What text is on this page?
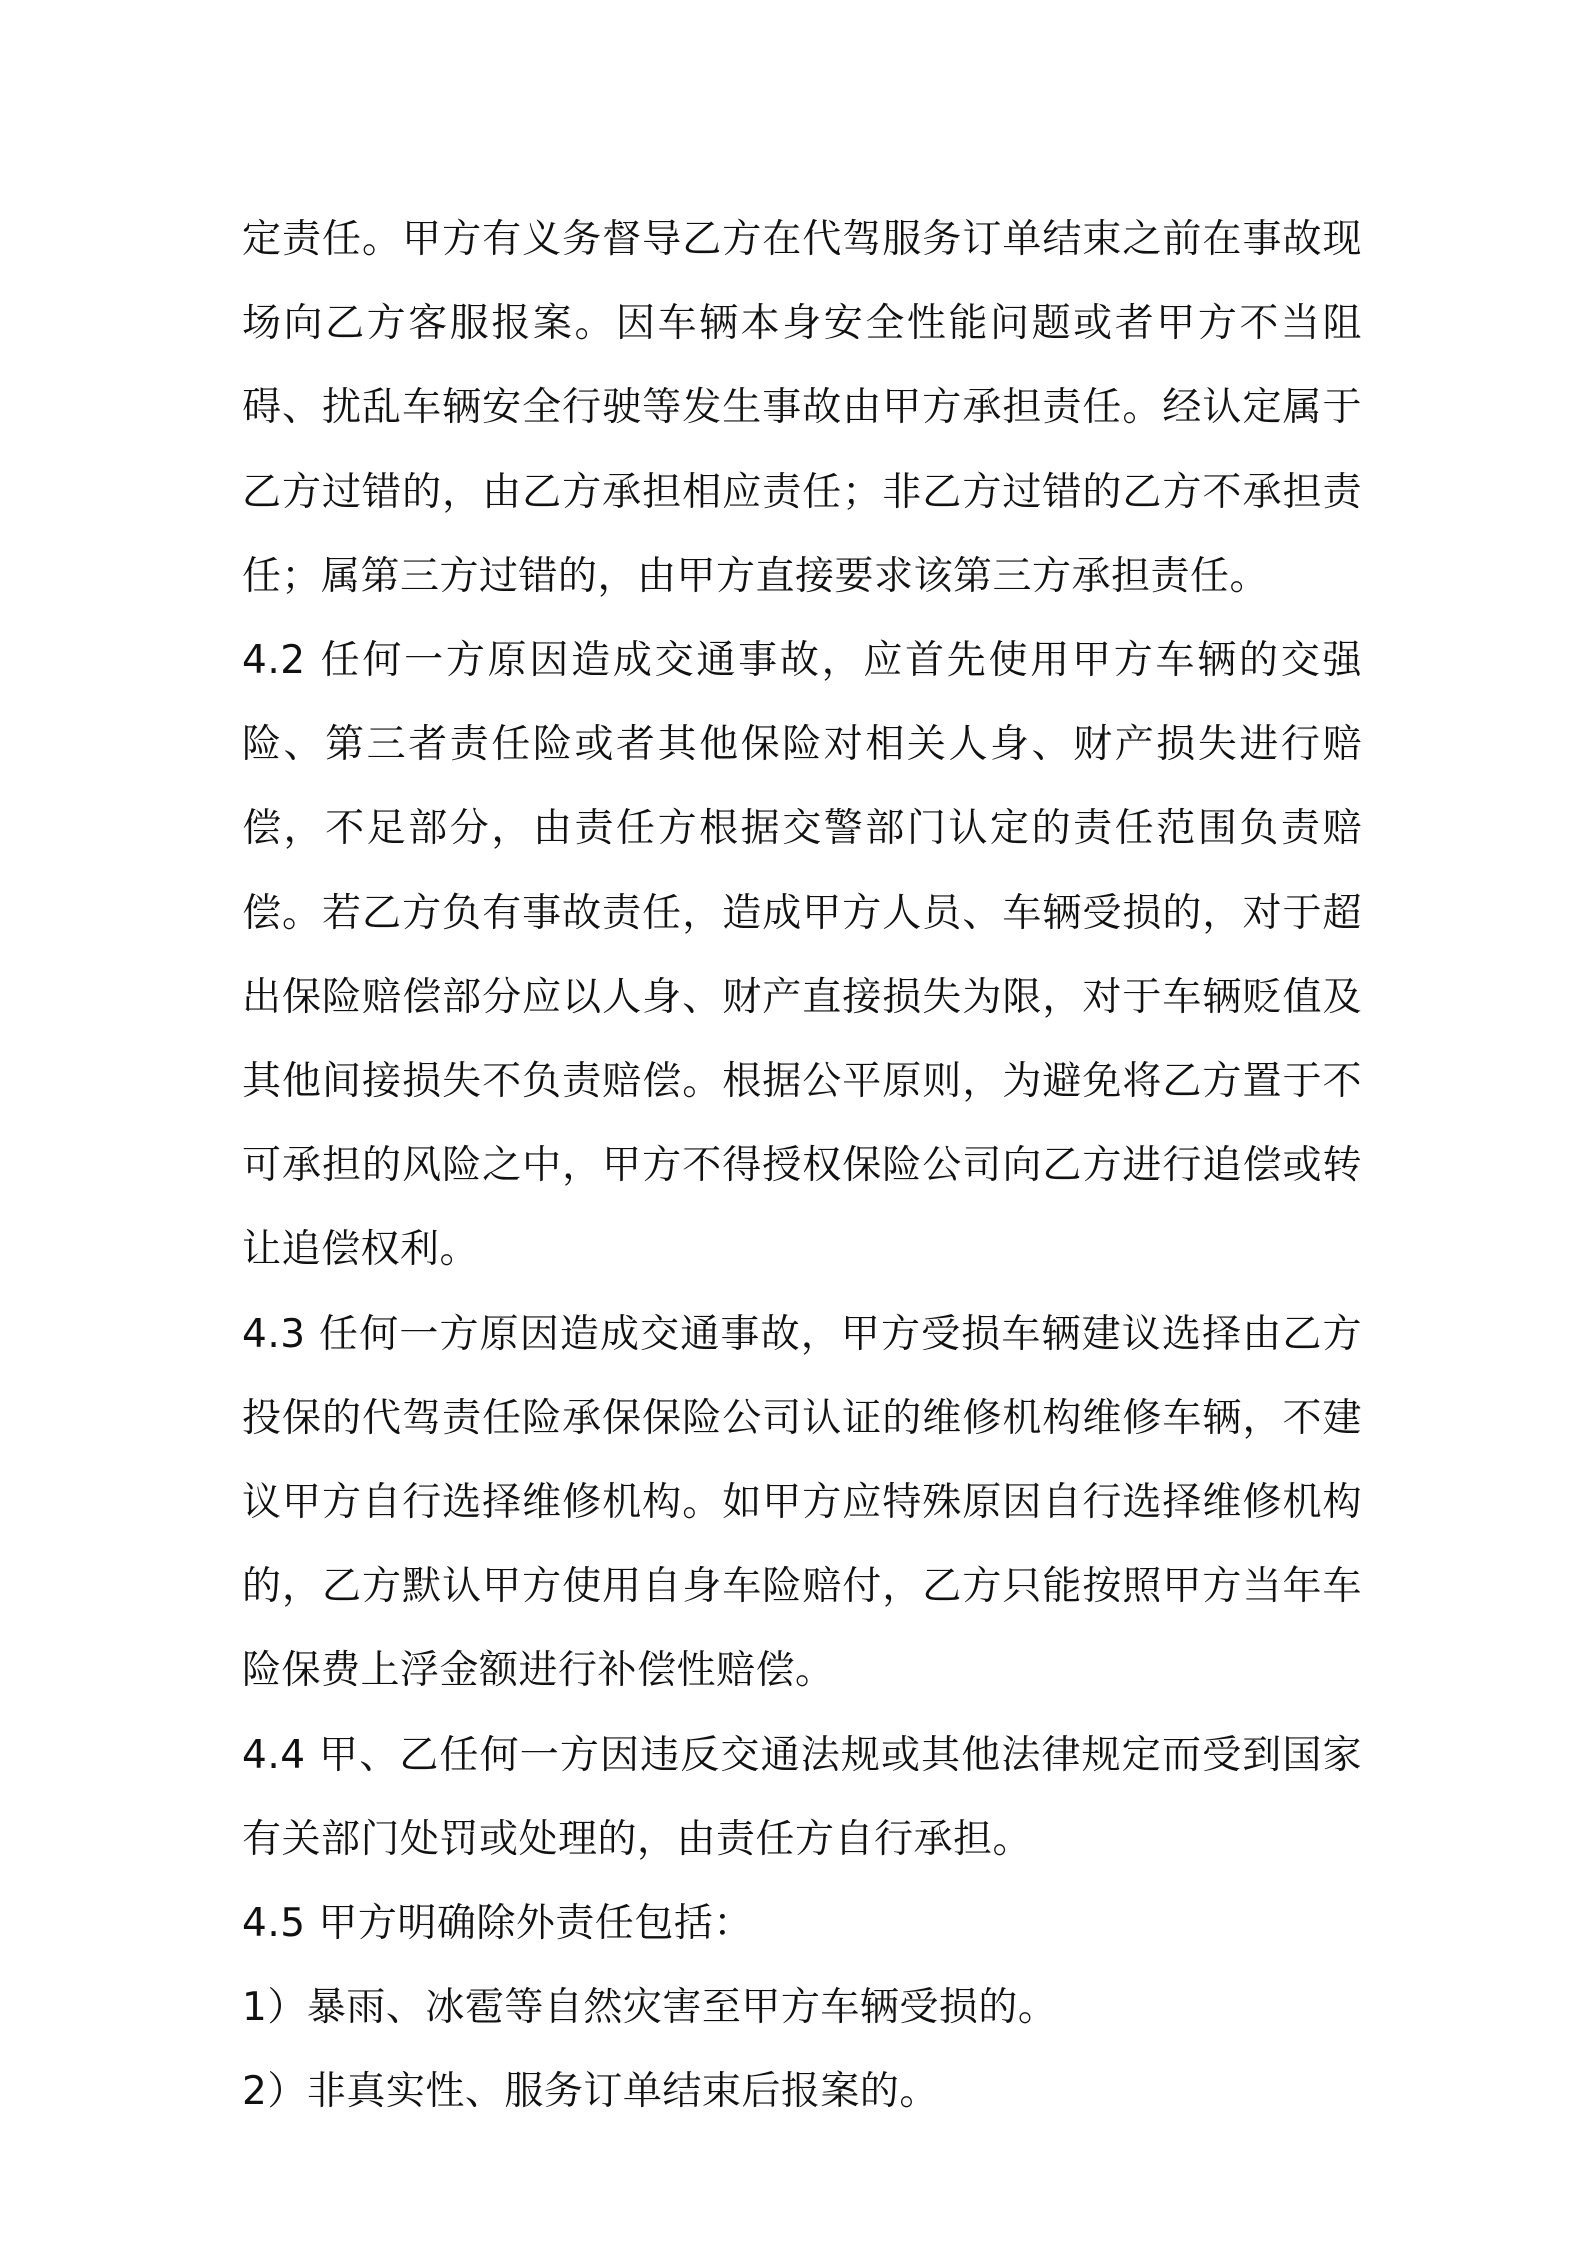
定责任。甲方有义务督导乙方在代驾服务订单结束之前在事故现场向乙方客服报案。因车辆本身安全性能问题或者甲方不当阻碍、扰乱车辆安全行驶等发生事故由甲方承担责任。经认定属于乙方过错的，由乙方承担相应责任；非乙方过错的乙方不承担责任；属第三方过错的，由甲方直接要求该第三方承担责任。

4.2 任何一方原因造成交通事故，应首先使用甲方车辆的交强险、第三者责任险或者其他保险对相关人身、财产损失进行赔偿，不足部分，由责任方根据交警部门认定的责任范围负责赔偿。若乙方负有事故责任，造成甲方人员、车辆受损的，对于超出保险赔偿部分应以人身、财产直接损失为限，对于车辆贬值及其他间接损失不负责赔偿。根据公平原则，为避免将乙方置于不可承担的风险之中，甲方不得授权保险公司向乙方进行追偿或转让追偿权利。

4.3 任何一方原因造成交通事故，甲方受损车辆建议选择由乙方投保的代驾责任险承保保险公司认证的维修机构维修车辆，不建议甲方自行选择维修机构。如甲方应特殊原因自行选择维修机构的，乙方默认甲方使用自身车险赔付，乙方只能按照甲方当年车险保费上浮金额进行补偿性赔偿。

4.4 甲、乙任何一方因违反交通法规或其他法律规定而受到国家有关部门处罚或处理的，由责任方自行承担。

4.5 甲方明确除外责任包括：

1）暴雨、冰雹等自然灾害至甲方车辆受损的。

2）非真实性、服务订单结束后报案的。
